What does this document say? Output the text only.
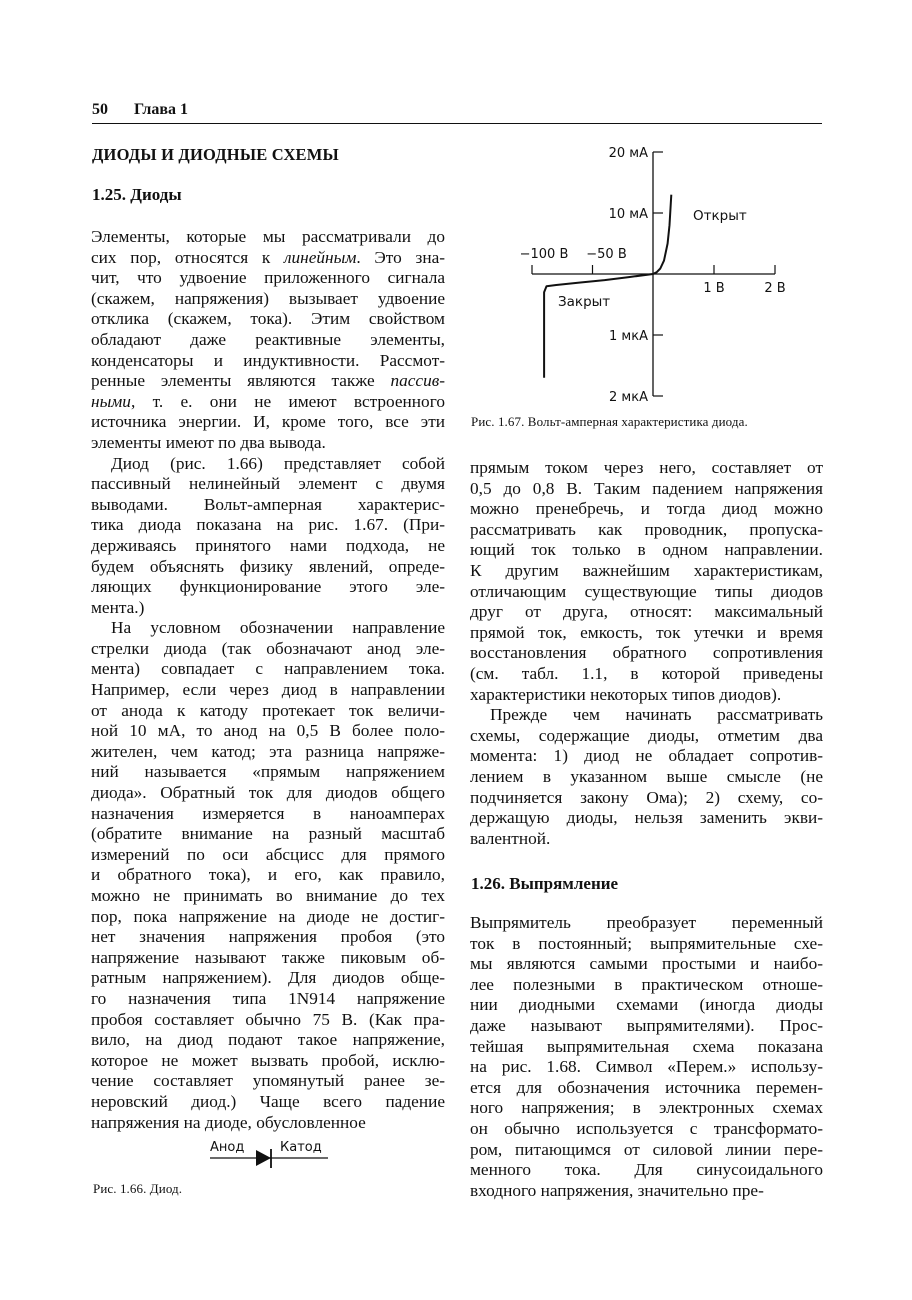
50 Глава 1
ДИОДЫ И ДИОДНЫЕ СХЕМЫ
1.25. Диоды

Элементы, которые мы рассматривали до
сих пор, относятся к линейным. Это зна-
чит, что удвоение приложенного сигнала
(скажем, напряжения) вызывает удвоение
отклика (скажем, тока). Этим свойством
обладают даже реактивные элементы,
конденсаторы и индуктивности. Рассмот-
ренные элементы являются также пассив-
ными, т. е. они не имеют встроенного
источника энергии. И, кроме того, все эти
элементы имеют по два вывода.

Диод (рис. 1.66) представляет собой
пассивный нелинейный элемент с двумя
выводами. Вольт-амперная характерис-
тика диода показана на рис. 1.67. (При-
держиваясь принятого нами подхода, не
будем объяснять физику явлений, опреде-
ляющих функционирование этого эле-
мента.)

На условном обозначении направление
стрелки диода (так обозначают анод эле-
мента) совпадает с направлением тока.
Например, если через диод в направлении
от анода к катоду протекает ток величи-
ной 10 мА, то анод на 0,5 В более поло-
жителен, чем катод; эта разница напряже-
ний называется «прямым напряжением
диода». Обратный ток для диодов общего
назначения измеряется в наноамперах
(обратите внимание на разный масштаб
измерений по оси абсцисс для прямого
и обратного тока), и его, как правило,
можно не принимать во внимание до тех
пор, пока напряжение на диоде не достиг-
нет значения напряжения пробоя (это
напряжение называют также пиковым об-
ратным напряжением). Для диодов обще-
го назначения типа 1N914 напряжение
пробоя составляет обычно 75 В. (Как пра-
вило, на диод подают такое напряжение,
которое не может вызвать пробой, исклю-
чение составляет упомянутый ранее зе-
неровский диод.) Чаще всего падение
напряжения на диоде, обусловленное

Анод	Катод
Рис. 1.66. Диод.
−100 В −50 В
1 В	2 В
10 мА
20 мА
1 мкА
2 мкА
Открыт
Закрыт
Рис. 1.67. Вольт-амперная характеристика диода.

прямым током через него, составляет от
0,5 до 0,8 В. Таким падением напряжения
можно пренебречь, и тогда диод можно
рассматривать как проводник, пропуска-
ющий ток только в одном направлении.
К другим важнейшим характеристикам,
отличающим существующие типы диодов
друг от друга, относят: максимальный
прямой ток, емкость, ток утечки и время
восстановления обратного сопротивления
(см. табл. 1.1, в которой приведены
характеристики некоторых типов диодов).

Прежде чем начинать рассматривать
схемы, содержащие диоды, отметим два
момента: 1) диод не обладает сопротив-
лением в указанном выше смысле (не
подчиняется закону Ома); 2) схему, со-
держащую диоды, нельзя заменить экви-
валентной.

1.26. Выпрямление

Выпрямитель преобразует переменный
ток в постоянный; выпрямительные схе-
мы являются самыми простыми и наибо-
лее полезными в практическом отноше-
нии диодными схемами (иногда диоды
даже называют выпрямителями). Прос-
тейшая выпрямительная схема показана
на рис. 1.68. Символ «Перем.» использу-
ется для обозначения источника перемен-
ного напряжения; в электронных схемах
он обычно используется с трансформато-
ром, питающимся от силовой линии пере-
менного тока. Для синусоидального
входного напряжения, значительно пре-
